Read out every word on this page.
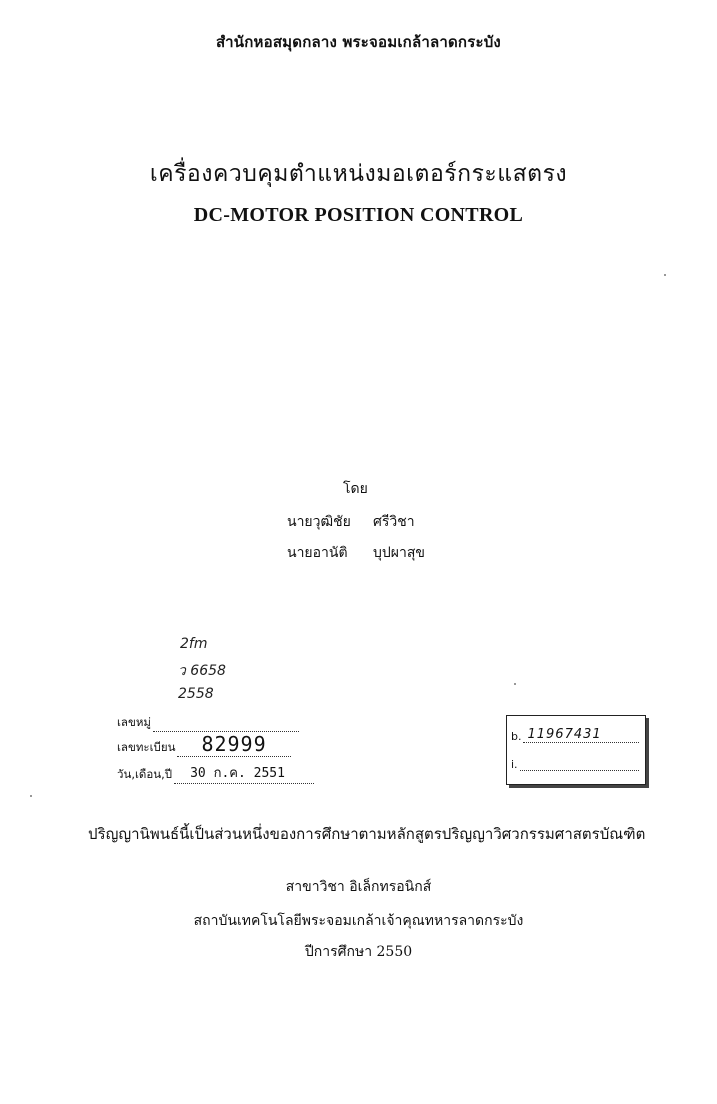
สำนักหอสมุดกลาง พระจอมเกล้าลาดกระบัง
เครื่องควบคุมตำแหน่งมอเตอร์กระแสตรง
DC-MOTOR POSITION CONTROL
โดย
นายวุฒิชัย ศรีวิชา
นายอานัติ บุปผาสุข
2fm
ว 6658
2558
เลขหมู่
เลขทะเบียน 82999
วัน,เดือน,ปี 30 ก.ค. 2551
b. 11967431
i.
ปริญญานิพนธ์นี้เป็นส่วนหนึ่งของการศึกษาตามหลักสูตรปริญญาวิศวกรรมศาสตรบัณฑิต
สาขาวิชา อิเล็กทรอนิกส์
สถาบันเทคโนโลยีพระจอมเกล้าเจ้าคุณทหารลาดกระบัง
ปีการศึกษา 2550
